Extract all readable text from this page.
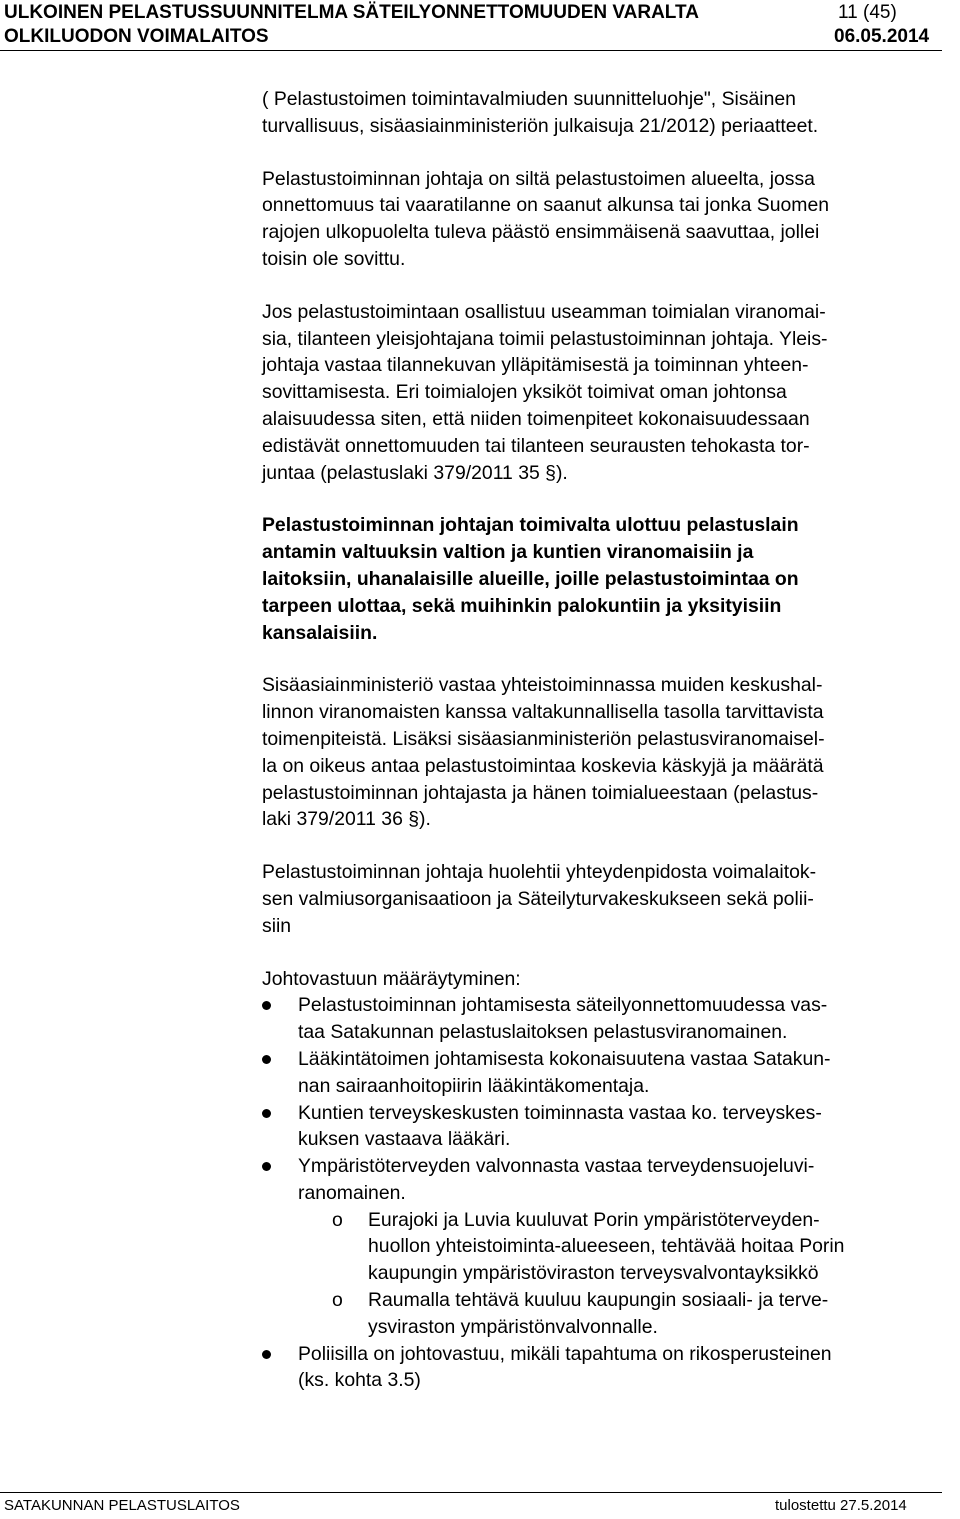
ULKOINEN PELASTUSSUUNNITELMA SÄTEILYONNETTOMUUDEN VARALTA
OLKILUODON VOIMALAITOS
11 (45)
06.05.2014

( Pelastustoimen toimintavalmiuden suunnitteluohje", Sisäinen
turvallisuus, sisäasiainministeriön julkaisuja 21/2012) periaatteet.

Pelastustoiminnan johtaja on siltä pelastustoimen alueelta, jossa
onnettomuus tai vaaratilanne on saanut alkunsa tai jonka Suomen
rajojen ulkopuolelta tuleva päästö ensimmäisenä saavuttaa, jollei
toisin ole sovittu.

Jos pelastustoimintaan osallistuu useamman toimialan viranomai-
sia, tilanteen yleisjohtajana toimii pelastustoiminnan johtaja. Yleis-
johtaja vastaa tilannekuvan ylläpitämisestä ja toiminnan yhteen-
sovittamisesta. Eri toimialojen yksiköt toimivat oman johtonsa
alaisuudessa siten, että niiden toimenpiteet kokonaisuudessaan
edistävät onnettomuuden tai tilanteen seurausten tehokasta tor-
juntaa (pelastuslaki 379/2011 35 §).

Pelastustoiminnan johtajan toimivalta ulottuu pelastuslain
antamin valtuuksin valtion ja kuntien viranomaisiin ja
laitoksiin, uhanalaisille alueille, joille pelastustoimintaa on
tarpeen ulottaa, sekä muihinkin palokuntiin ja yksityisiin
kansalaisiin.

Sisäasiainministeriö vastaa yhteistoiminnassa muiden keskushal-
linnon viranomaisten kanssa valtakunnallisella tasolla tarvittavista
toimenpiteistä. Lisäksi sisäasianministeriön pelastusviranomaisel-
la on oikeus antaa pelastustoimintaa koskevia käskyjä ja määrätä
pelastustoiminnan johtajasta ja hänen toimialueestaan (pelastus-
laki 379/2011 36 §).

Pelastustoiminnan johtaja huolehtii yhteydenpidosta voimalaitok-
sen valmiusorganisaatioon ja Säteilyturvakeskukseen sekä polii-
siin

Johtovastuun määräytyminen:

Pelastustoiminnan johtamisesta säteilyonnettomuudessa vas-
taa Satakunnan pelastuslaitoksen pelastusviranomainen.
Lääkintätoimen johtamisesta kokonaisuutena vastaa Satakun-
nan sairaanhoitopiirin lääkintäkomentaja.
Kuntien terveyskeskusten toiminnasta vastaa ko. terveyskes-
kuksen vastaava lääkäri.
Ympäristöterveyden valvonnasta vastaa terveydensuojeluvi-
ranomainen.
o Eurajoki ja Luvia kuuluvat Porin ympäristöterveyden-
huollon yhteistoiminta-alueeseen, tehtävää hoitaa Porin
kaupungin ympäristöviraston terveysvalvontayksikkö
o Raumalla tehtävä kuuluu kaupungin sosiaali- ja terve-
ysviraston ympäristönvalvonnalle.
Poliisilla on johtovastuu, mikäli tapahtuma on rikosperusteinen
(ks. kohta 3.5)
SATAKUNNAN PELASTUSLAITOS	tulostettu 27.5.2014
